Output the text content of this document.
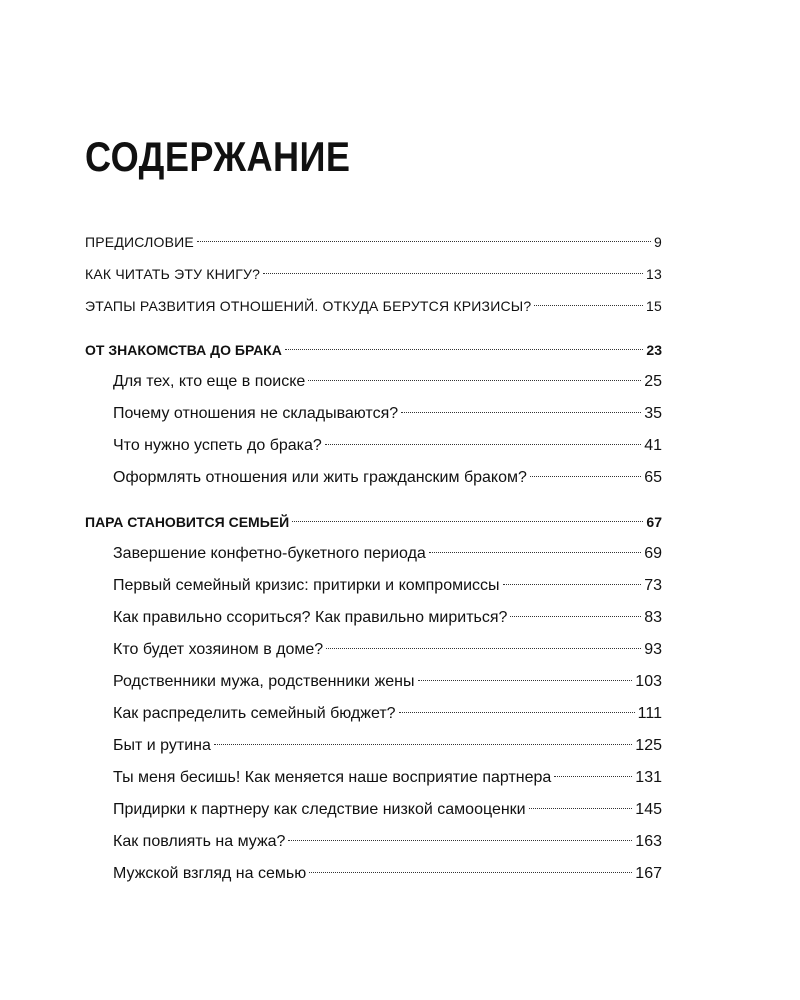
СОДЕРЖАНИЕ
ПРЕДИСЛОВИЕ	9
КАК ЧИТАТЬ ЭТУ КНИГУ?	13
ЭТАПЫ РАЗВИТИЯ ОТНОШЕНИЙ. ОТКУДА БЕРУТСЯ КРИЗИСЫ?	15
ОТ ЗНАКОМСТВА ДО БРАКА	23
Для тех, кто еще в поиске	25
Почему отношения не складываются?	35
Что нужно успеть до брака?	41
Оформлять отношения или жить гражданским браком?	65
ПАРА СТАНОВИТСЯ СЕМЬЕЙ	67
Завершение конфетно-букетного периода	69
Первый семейный кризис: притирки и компромиссы	73
Как правильно ссориться? Как правильно мириться?	83
Кто будет хозяином в доме?	93
Родственники мужа, родственники жены	103
Как распределить семейный бюджет?	111
Быт и рутина	125
Ты меня бесишь! Как меняется наше восприятие партнера	131
Придирки к партнеру как следствие низкой самооценки	145
Как повлиять на мужа?	163
Мужской взгляд на семью	167
